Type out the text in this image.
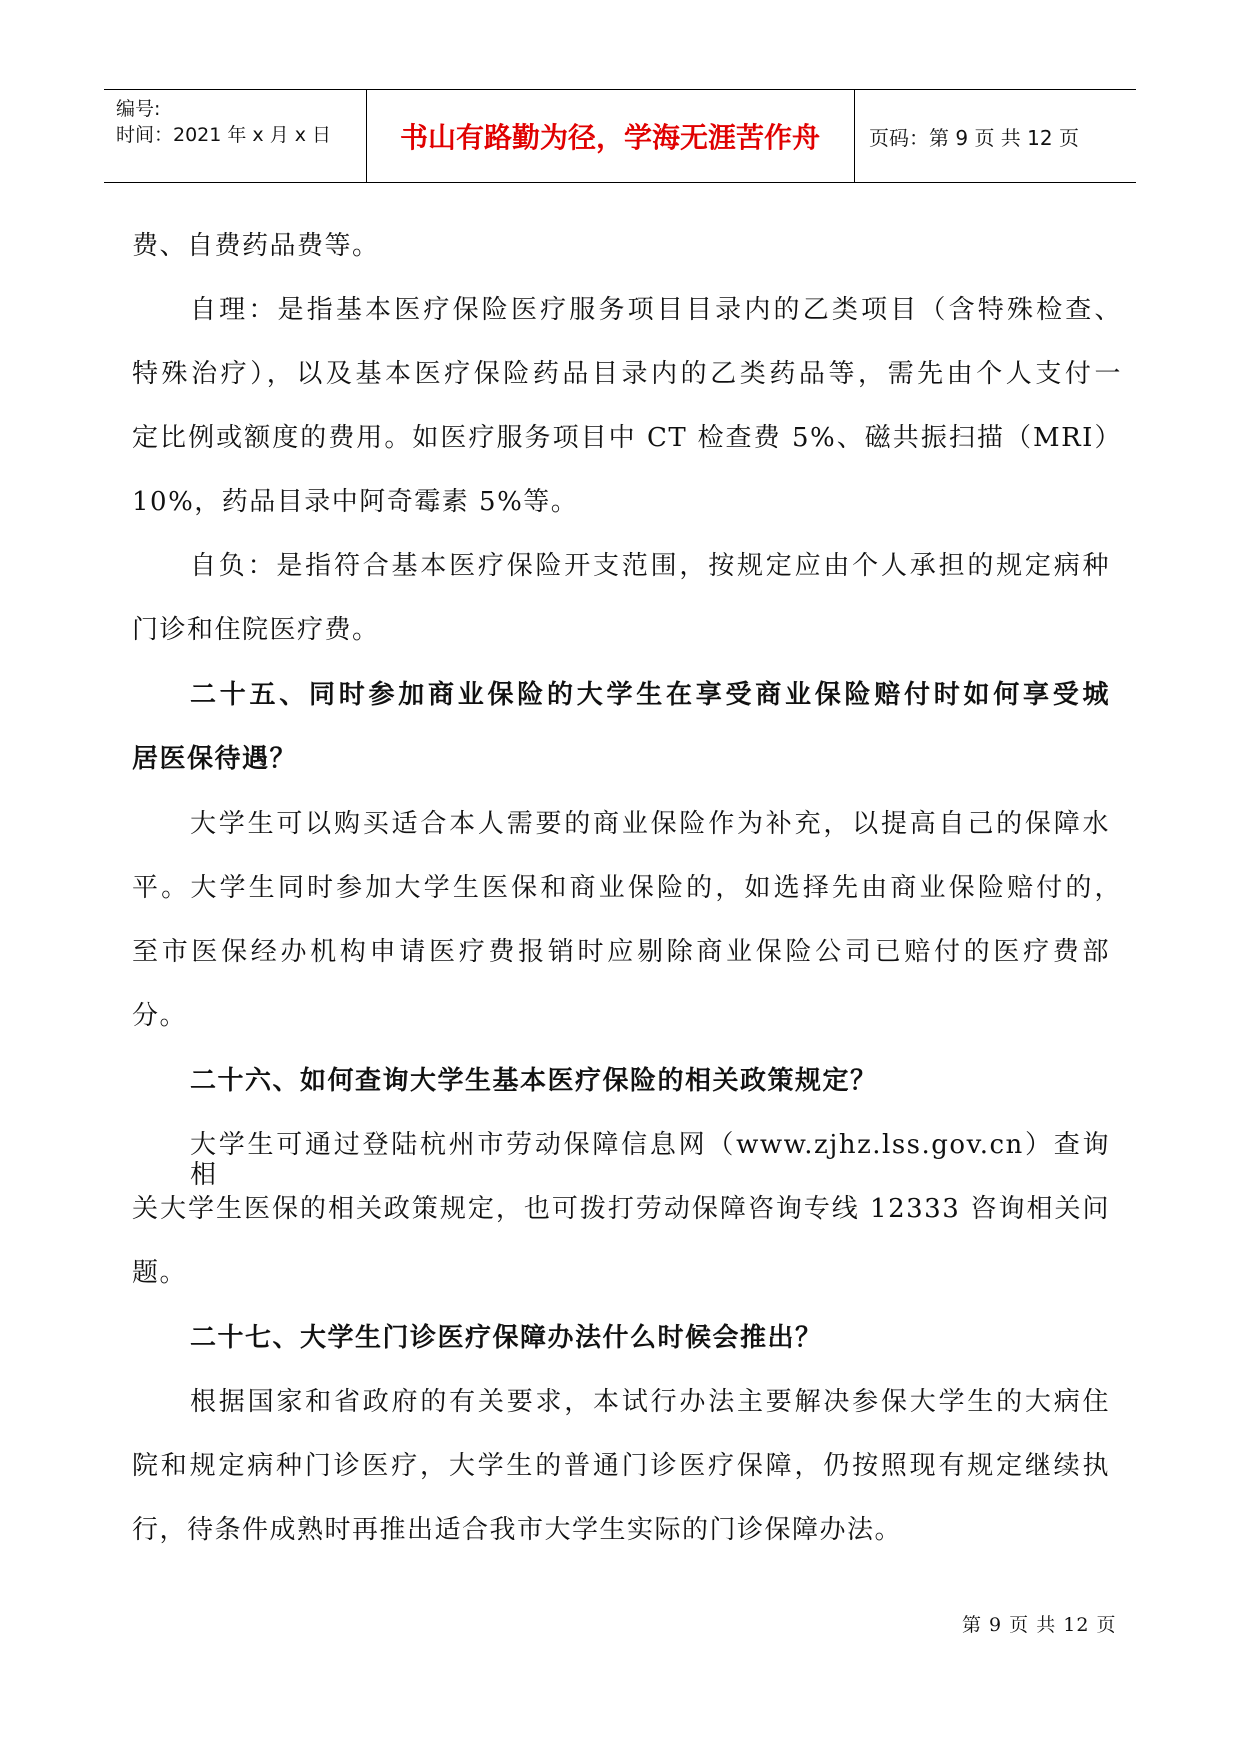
编号:
时间：2021 年 x 月 x 日	书山有路勤为径，学海无涯苦作舟	页码：第 9 页 共 12 页
费、自费药品费等。
自理：是指基本医疗保险医疗服务项目目录内的乙类项目（含特殊检查、
特殊治疗），以及基本医疗保险药品目录内的乙类药品等，需先由个人支付一
定比例或额度的费用。如医疗服务项目中 CT 检查费 5%、磁共振扫描（MRI）
10%，药品目录中阿奇霉素 5%等。
自负：是指符合基本医疗保险开支范围，按规定应由个人承担的规定病种
门诊和住院医疗费。
二十五、同时参加商业保险的大学生在享受商业保险赔付时如何享受城
居医保待遇？
大学生可以购买适合本人需要的商业保险作为补充，以提高自己的保障水
平。大学生同时参加大学生医保和商业保险的，如选择先由商业保险赔付的，
至市医保经办机构申请医疗费报销时应剔除商业保险公司已赔付的医疗费部
分。
二十六、如何查询大学生基本医疗保险的相关政策规定？
大学生可通过登陆杭州市劳动保障信息网（www.zjhz.lss.gov.cn）查询相
关大学生医保的相关政策规定，也可拨打劳动保障咨询专线 12333 咨询相关问
题。
二十七、大学生门诊医疗保障办法什么时候会推出？
根据国家和省政府的有关要求，本试行办法主要解决参保大学生的大病住
院和规定病种门诊医疗，大学生的普通门诊医疗保障，仍按照现有规定继续执
行，待条件成熟时再推出适合我市大学生实际的门诊保障办法。
第 9 页 共 12 页
